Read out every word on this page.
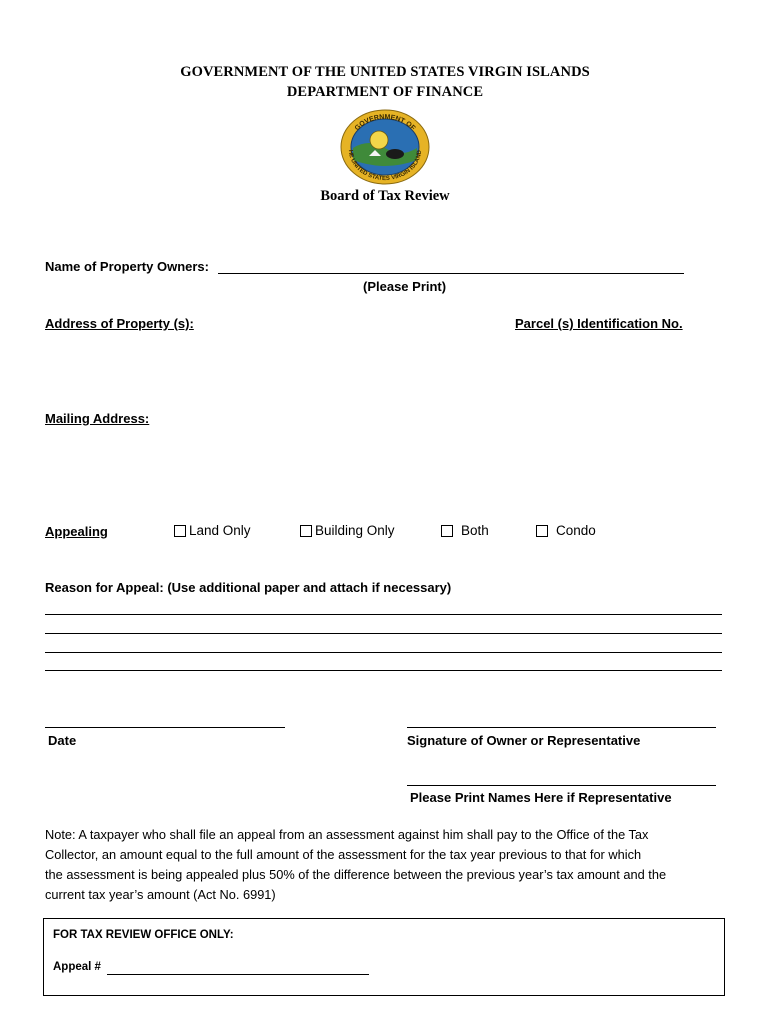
GOVERNMENT OF THE UNITED STATES VIRGIN ISLANDS
DEPARTMENT OF FINANCE
GOVERNMENT OF
HE UNITED STATES VIRGIN ISLAND
Board of Tax Review
Name of Property Owners:
(Please Print)
Address of Property (s):	Parcel (s) Identification No.
Mailing Address:
Appealing	Land Only	Building Only	Both	Condo
Reason for Appeal: (Use additional paper and attach if necessary)
Date	Signature of Owner or Representative
Please Print Names Here if Representative
Note: A taxpayer who shall file an appeal from an assessment against him shall pay to the Office of the Tax
Collector, an amount equal to the full amount of the assessment for the tax year previous to that for which
the assessment is being appealed plus 50% of the difference between the previous year’s tax amount and the
current tax year’s amount (Act No. 6991)
FOR TAX REVIEW OFFICE ONLY:
Appeal #
